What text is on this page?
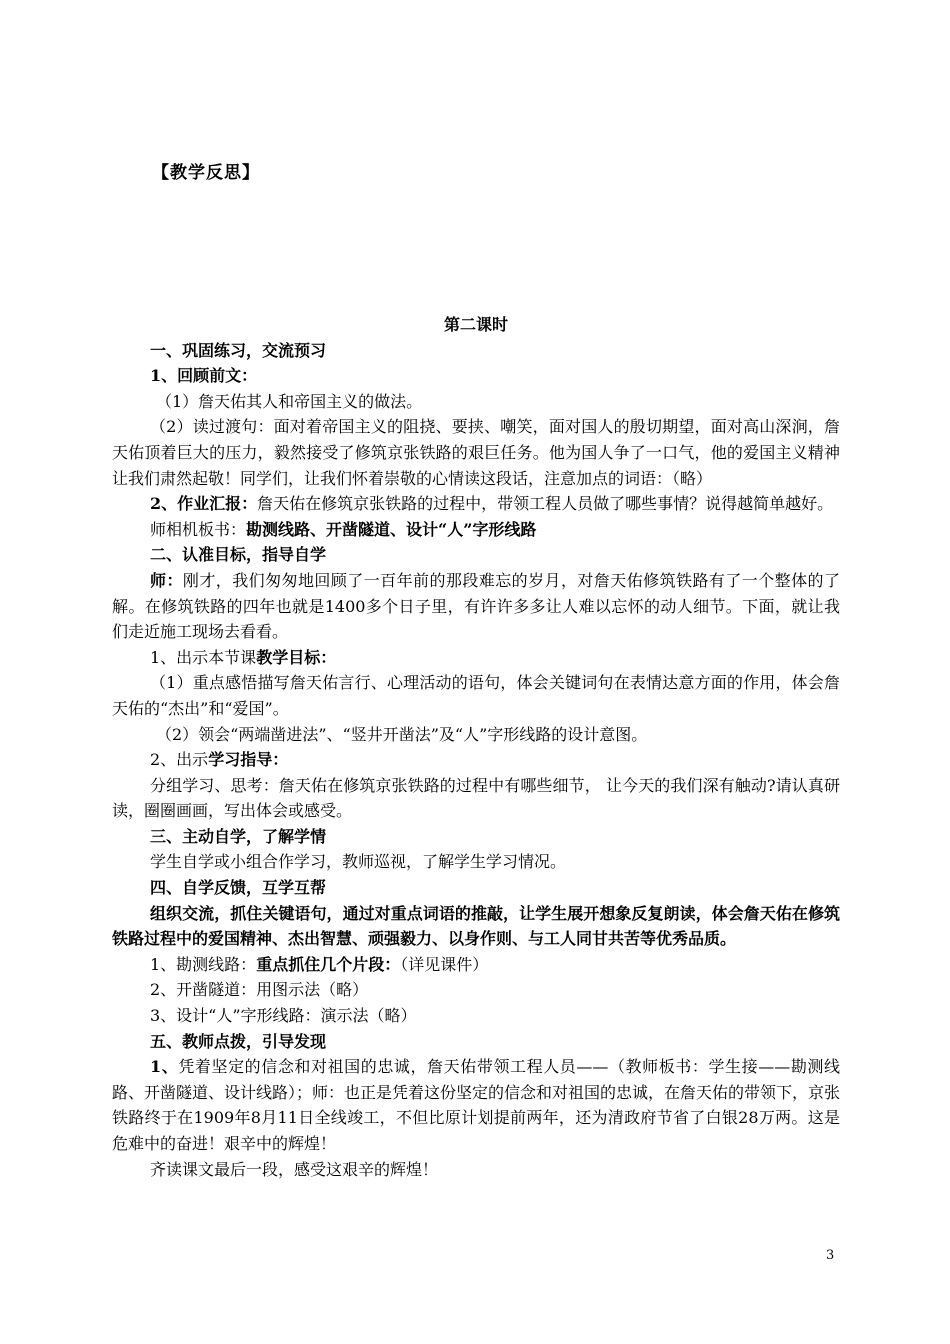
【教学反思】

第二课时

一、巩固练习，交流预习

1、回顾前文：

（1）詹天佑其人和帝国主义的做法。

（2）读过渡句：面对着帝国主义的阻挠、要挟、嘲笑，面对国人的殷切期望，面对高山深涧，詹天佑顶着巨大的压力，毅然接受了修筑京张铁路的艰巨任务。他为国人争了一口气，他的爱国主义精神让我们肃然起敬！同学们，让我们怀着崇敬的心情读这段话，注意加点的词语：（略）

2、作业汇报：詹天佑在修筑京张铁路的过程中，带领工程人员做了哪些事情？说得越简单越好。

师相机板书：勘测线路、开凿隧道、设计“人”字形线路

二、认准目标，指导自学

师：刚才，我们匆匆地回顾了一百年前的那段难忘的岁月，对詹天佑修筑铁路有了一个整体的了解。在修筑铁路的四年也就是1400多个日子里，有许许多多让人难以忘怀的动人细节。下面，就让我们走近施工现场去看看。

1、出示本节课教学目标：

（1）重点感悟描写詹天佑言行、心理活动的语句，体会关键词句在表情达意方面的作用，体会詹天佑的“杰出”和“爱国”。

（2）领会“两端凿进法”、“竖井开凿法”及“人”字形线路的设计意图。

2、出示学习指导：

分组学习、思考：詹天佑在修筑京张铁路的过程中有哪些细节， 让今天的我们深有触动?请认真研读，圈圈画画，写出体会或感受。

三、主动自学，了解学情

学生自学或小组合作学习，教师巡视，了解学生学习情况。

四、自学反馈，互学互帮

组织交流，抓住关键语句，通过对重点词语的推敲，让学生展开想象反复朗读，体会詹天佑在修筑铁路过程中的爱国精神、杰出智慧、顽强毅力、以身作则、与工人同甘共苦等优秀品质。

1、勘测线路：重点抓住几个片段：（详见课件）

2、开凿隧道：用图示法（略）

3、设计“人”字形线路：演示法（略）

五、教师点拨，引导发现

1、凭着坚定的信念和对祖国的忠诚，詹天佑带领工程人员——（教师板书：学生接——勘测线路、开凿隧道、设计线路）；师：也正是凭着这份坚定的信念和对祖国的忠诚，在詹天佑的带领下，京张铁路终于在1909年8月11日全线竣工，不但比原计划提前两年，还为清政府节省了白银28万两。这是危难中的奋进！艰辛中的辉煌！

齐读课文最后一段，感受这艰辛的辉煌！

3
